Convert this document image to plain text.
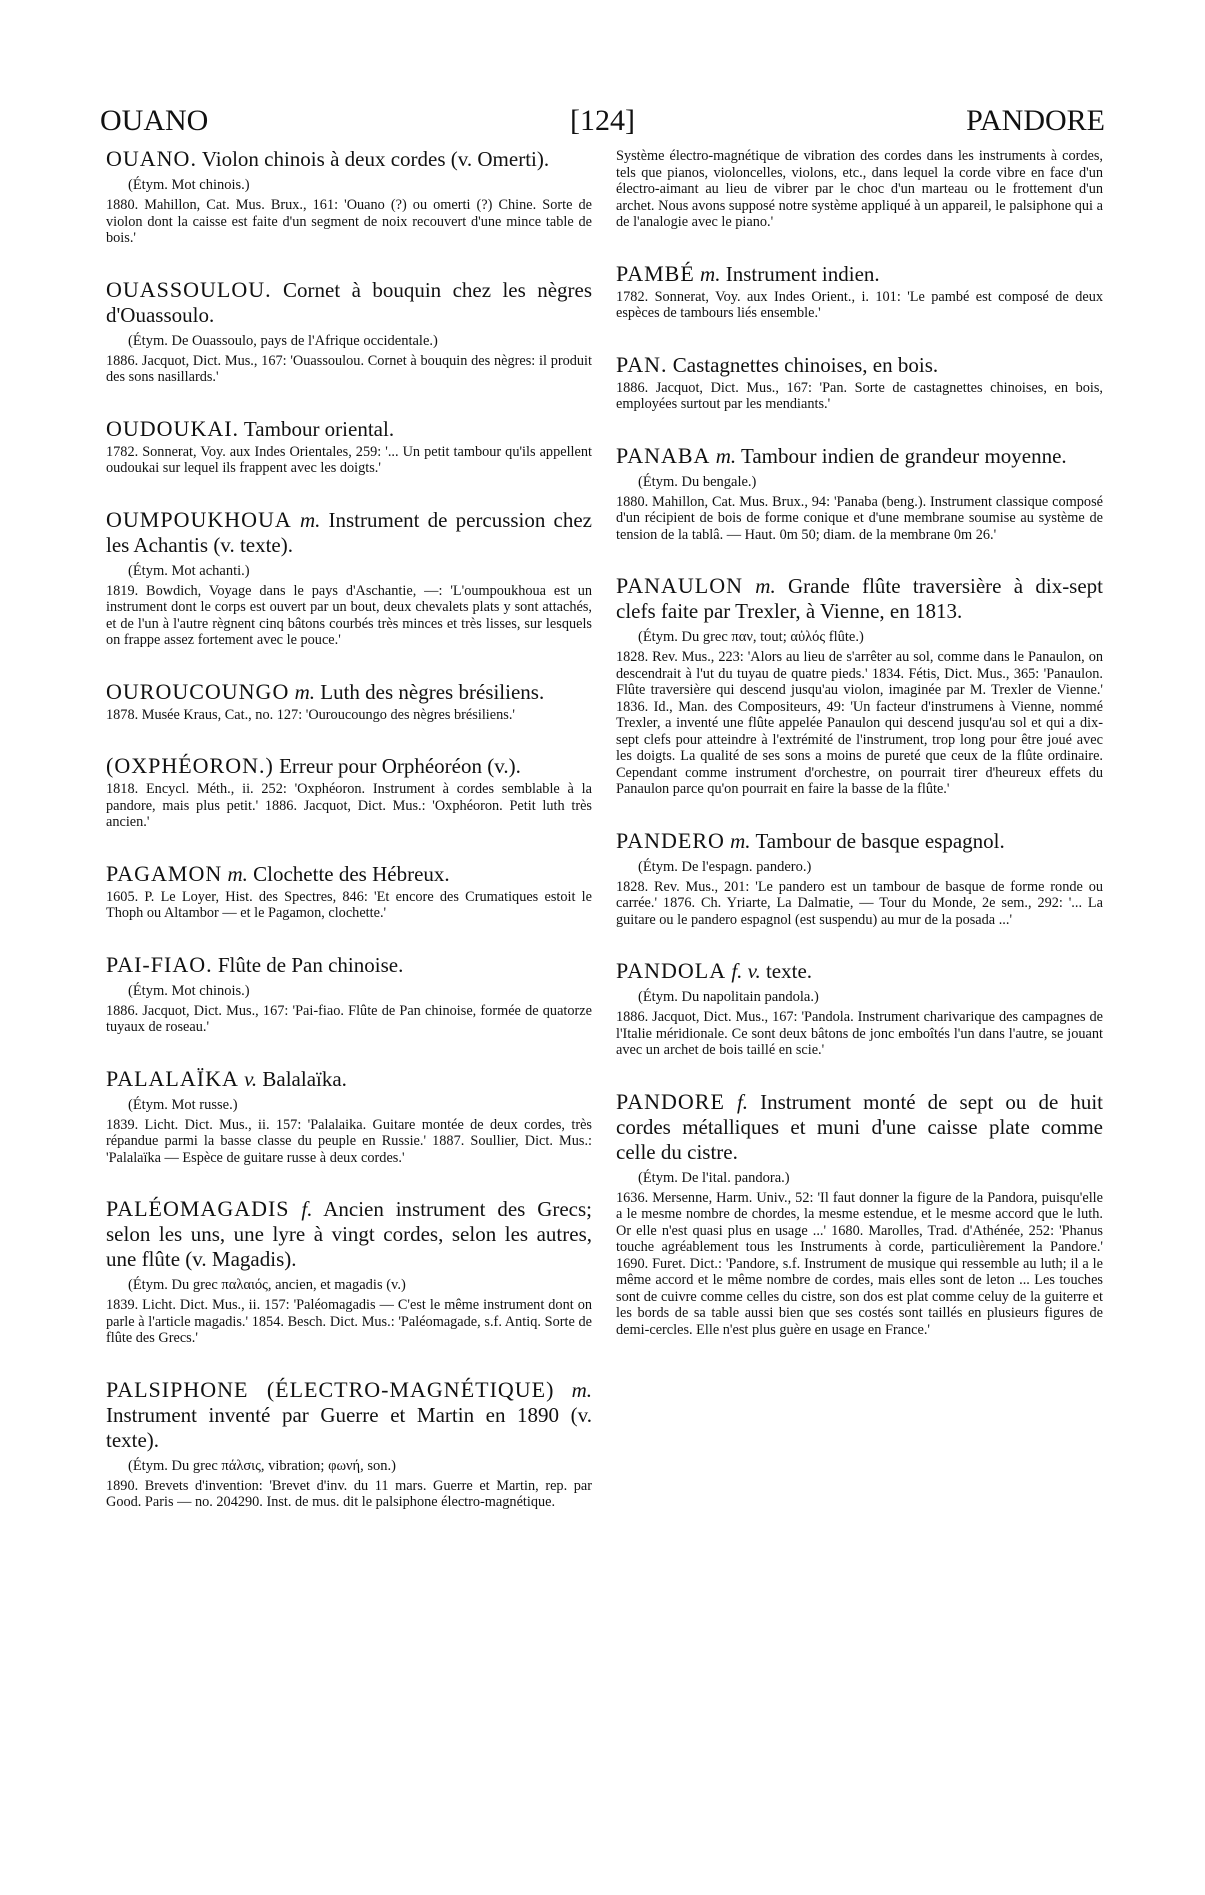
OUANO	[124]	PANDORE

OUANO. Violon chinois à deux cordes (v. Omerti).

(Étym. Mot chinois.)

1880. Mahillon, Cat. Mus. Brux., 161: 'Ouano (?) ou omerti (?) Chine. Sorte de violon dont la caisse est faite d'un segment de noix recouvert d'une mince table de bois.'

OUASSOULOU. Cornet à bouquin chez les nègres d'Ouassoulo.

(Étym. De Ouassoulo, pays de l'Afrique occidentale.)

1886. Jacquot, Dict. Mus., 167: 'Ouassoulou. Cornet à bouquin des nègres: il produit des sons nasillards.'

OUDOUKAI. Tambour oriental.

1782. Sonnerat, Voy. aux Indes Orientales, 259: '... Un petit tambour qu'ils appellent oudoukai sur lequel ils frappent avec les doigts.'

OUMPOUKHOUA m. Instrument de percussion chez les Achantis (v. texte).

(Étym. Mot achanti.)

1819. Bowdich, Voyage dans le pays d'Aschantie, —: 'L'oumpoukhoua est un instrument dont le corps est ouvert par un bout, deux chevalets plats y sont attachés, et de l'un à l'autre règnent cinq bâtons courbés très minces et très lisses, sur lesquels on frappe assez fortement avec le pouce.'

OUROUCOUNGO m. Luth des nègres brésiliens.

1878. Musée Kraus, Cat., no. 127: 'Ouroucoungo des nègres brésiliens.'

(OXPHÉORON.) Erreur pour Orphéoréon (v.).

1818. Encycl. Méth., ii. 252: 'Oxphéoron. Instrument à cordes semblable à la pandore, mais plus petit.' 1886. Jacquot, Dict. Mus.: 'Oxphéoron. Petit luth très ancien.'

PAGAMON m. Clochette des Hébreux.

1605. P. Le Loyer, Hist. des Spectres, 846: 'Et encore des Crumatiques estoit le Thoph ou Altambor — et le Pagamon, clochette.'

PAI-FIAO. Flûte de Pan chinoise.

(Étym. Mot chinois.)

1886. Jacquot, Dict. Mus., 167: 'Pai-fiao. Flûte de Pan chinoise, formée de quatorze tuyaux de roseau.'

PALALAÏKA v. Balalaïka.

(Étym. Mot russe.)

1839. Licht. Dict. Mus., ii. 157: 'Palalaika. Guitare montée de deux cordes, très répandue parmi la basse classe du peuple en Russie.' 1887. Soullier, Dict. Mus.: 'Palalaïka — Espèce de guitare russe à deux cordes.'

PALÉOMAGADIS f. Ancien instrument des Grecs; selon les uns, une lyre à vingt cordes, selon les autres, une flûte (v. Magadis).

(Étym. Du grec παλαιός, ancien, et magadis (v.)

1839. Licht. Dict. Mus., ii. 157: 'Paléomagadis — C'est le même instrument dont on parle à l'article magadis.' 1854. Besch. Dict. Mus.: 'Paléomagade, s.f. Antiq. Sorte de flûte des Grecs.'

PALSIPHONE (ÉLECTRO-MAGNÉTIQUE) m. Instrument inventé par Guerre et Martin en 1890 (v. texte).

(Étym. Du grec πάλσις, vibration; φωνή, son.)

1890. Brevets d'invention: 'Brevet d'inv. du 11 mars. Guerre et Martin, rep. par Good. Paris — no. 204290. Inst. de mus. dit le palsiphone électro-magnétique.

Système électro-magnétique de vibration des cordes dans les instruments à cordes, tels que pianos, violoncelles, violons, etc., dans lequel la corde vibre en face d'un électro-aimant au lieu de vibrer par le choc d'un marteau ou le frottement d'un archet. Nous avons supposé notre système appliqué à un appareil, le palsiphone qui a de l'analogie avec le piano.'

PAMBÉ m. Instrument indien.

1782. Sonnerat, Voy. aux Indes Orient., i. 101: 'Le pambé est composé de deux espèces de tambours liés ensemble.'

PAN. Castagnettes chinoises, en bois.

1886. Jacquot, Dict. Mus., 167: 'Pan. Sorte de castagnettes chinoises, en bois, employées surtout par les mendiants.'

PANABA m. Tambour indien de grandeur moyenne.

(Étym. Du bengale.)

1880. Mahillon, Cat. Mus. Brux., 94: 'Panaba (beng.). Instrument classique composé d'un récipient de bois de forme conique et d'une membrane soumise au système de tension de la tablâ. — Haut. 0m 50; diam. de la membrane 0m 26.'

PANAULON m. Grande flûte traversière à dix-sept clefs faite par Trexler, à Vienne, en 1813.

(Étym. Du grec παν, tout; αὐλός flûte.)

1828. Rev. Mus., 223: 'Alors au lieu de s'arrêter au sol, comme dans le Panaulon, on descendrait à l'ut du tuyau de quatre pieds.' 1834. Fétis, Dict. Mus., 365: 'Panaulon. Flûte traversière qui descend jusqu'au violon, imaginée par M. Trexler de Vienne.' 1836. Id., Man. des Compositeurs, 49: 'Un facteur d'instrumens à Vienne, nommé Trexler, a inventé une flûte appelée Panaulon qui descend jusqu'au sol et qui a dix-sept clefs pour atteindre à l'extrémité de l'instrument, trop long pour être joué avec les doigts. La qualité de ses sons a moins de pureté que ceux de la flûte ordinaire. Cependant comme instrument d'orchestre, on pourrait tirer d'heureux effets du Panaulon parce qu'on pourrait en faire la basse de la flûte.'

PANDERO m. Tambour de basque espagnol.

(Étym. De l'espagn. pandero.)

1828. Rev. Mus., 201: 'Le pandero est un tambour de basque de forme ronde ou carrée.' 1876. Ch. Yriarte, La Dalmatie, — Tour du Monde, 2e sem., 292: '... La guitare ou le pandero espagnol (est suspendu) au mur de la posada ...'

PANDOLA f. v. texte.

(Étym. Du napolitain pandola.)

1886. Jacquot, Dict. Mus., 167: 'Pandola. Instrument charivarique des campagnes de l'Italie méridionale. Ce sont deux bâtons de jonc emboîtés l'un dans l'autre, se jouant avec un archet de bois taillé en scie.'

PANDORE f. Instrument monté de sept ou de huit cordes métalliques et muni d'une caisse plate comme celle du cistre.

(Étym. De l'ital. pandora.)

1636. Mersenne, Harm. Univ., 52: 'Il faut donner la figure de la Pandora, puisqu'elle a le mesme nombre de chordes, la mesme estendue, et le mesme accord que le luth. Or elle n'est quasi plus en usage ...' 1680. Marolles, Trad. d'Athénée, 252: 'Phanus touche agréablement tous les Instruments à corde, particulièrement la Pandore.' 1690. Furet. Dict.: 'Pandore, s.f. Instrument de musique qui ressemble au luth; il a le même accord et le même nombre de cordes, mais elles sont de leton ... Les touches sont de cuivre comme celles du cistre, son dos est plat comme celuy de la guiterre et les bords de sa table aussi bien que ses costés sont taillés en plusieurs figures de demi-cercles. Elle n'est plus guère en usage en France.'
